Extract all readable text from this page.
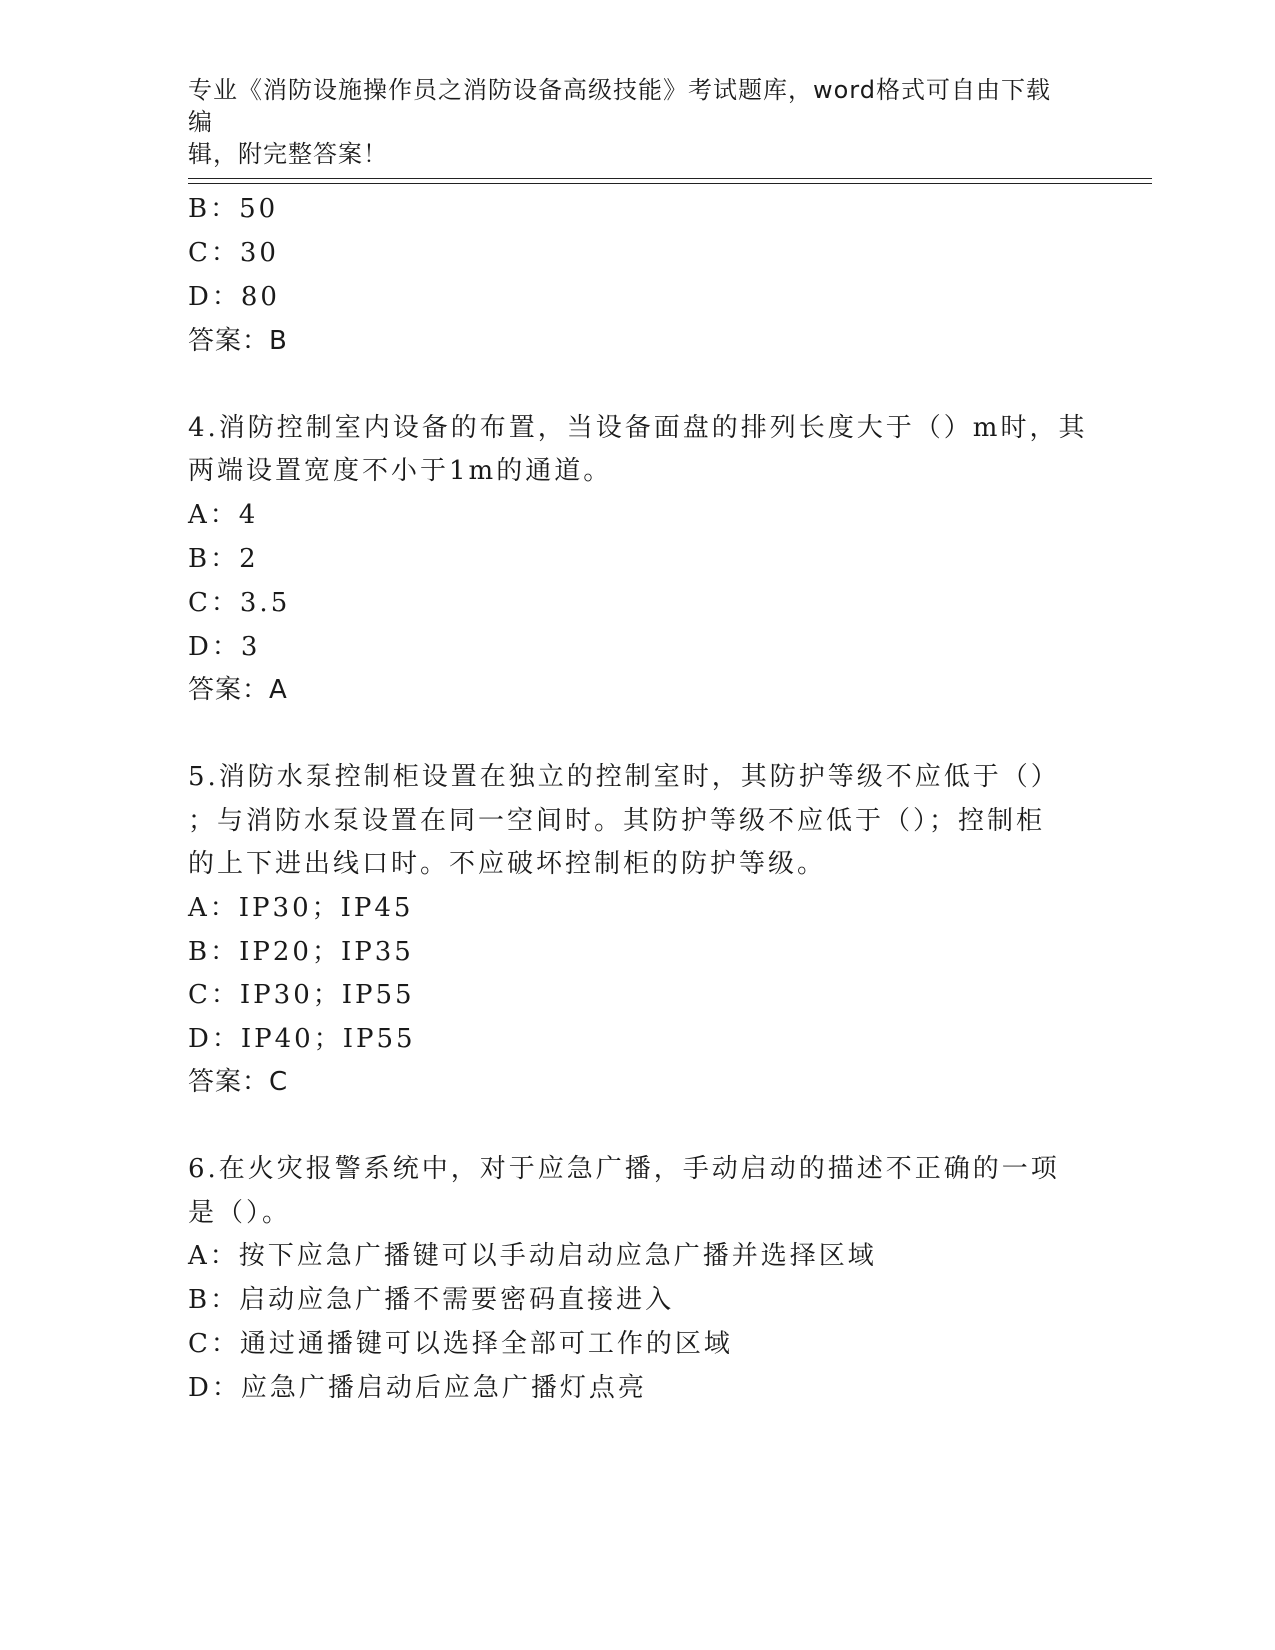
专业《消防设施操作员之消防设备高级技能》考试题库，word格式可自由下载编
辑，附完整答案！
B：50
C：30
D：80
答案：B
4.消防控制室内设备的布置，当设备面盘的排列长度大于（）m时，其
两端设置宽度不小于1m的通道。
A：4
B：2
C：3.5
D：3
答案：A
5.消防水泵控制柜设置在独立的控制室时，其防护等级不应低于（）
；与消防水泵设置在同一空间时。其防护等级不应低于（）；控制柜
的上下进出线口时。不应破坏控制柜的防护等级。
A：IP30；IP45
B：IP20；IP35
C：IP30；IP55
D：IP40；IP55
答案：C
6.在火灾报警系统中，对于应急广播，手动启动的描述不正确的一项
是（）。
A：按下应急广播键可以手动启动应急广播并选择区域
B：启动应急广播不需要密码直接进入
C：通过通播键可以选择全部可工作的区域
D：应急广播启动后应急广播灯点亮
